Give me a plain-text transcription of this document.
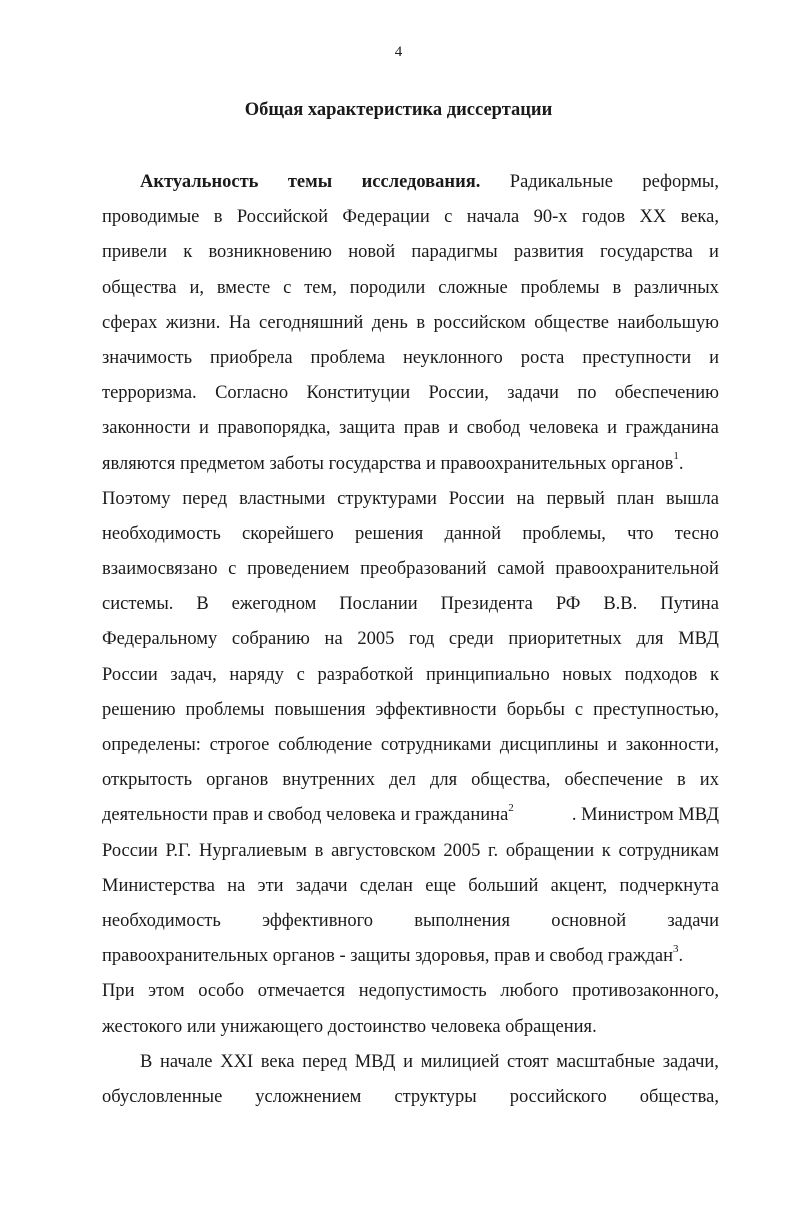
4
Общая характеристика диссертации
Актуальность темы исследования. Радикальные реформы,
проводимые в Российской Федерации с начала 90-х годов XX века,
привели к возникновению новой парадигмы развития государства и
общества и, вместе с тем, породили сложные проблемы в различных
сферах жизни. На сегодняшний день в российском обществе наибольшую
значимость приобрела проблема неуклонного роста преступности и
терроризма. Согласно Конституции России, задачи по обеспечению
законности и правопорядка, защита прав и свобод человека и гражданина
являются предметом заботы государства и правоохранительных органов$^1$.
Поэтому перед властными структурами России на первый план вышла
необходимость скорейшего решения данной проблемы, что тесно
взаимосвязано с проведением преобразований самой правоохранительной
системы. В ежегодном Послании Президента РФ В.В. Путина
Федеральному собранию на 2005 год среди приоритетных для МВД
России задач, наряду с разработкой принципиально новых подходов к
решению проблемы повышения эффективности борьбы с преступностью,
определены: строгое соблюдение сотрудниками дисциплины и законности,
открытость органов внутренних дел для общества, обеспечение в их
деятельности прав и свобод человека и гражданина$^2$	. Министром МВД
России Р.Г. Нургалиевым в августовском 2005 г. обращении к сотрудникам
Министерства на эти задачи сделан еще больший акцент, подчеркнута
необходимость эффективного выполнения основной задачи
правоохранительных органов - защиты здоровья, прав и свобод граждан$^3$.
При этом особо отмечается недопустимость любого противозаконного,
жестокого или унижающего достоинство человека обращения.
В начале XXI века перед МВД и милицией стоят масштабные задачи,
обусловленные усложнением структуры российского общества,
